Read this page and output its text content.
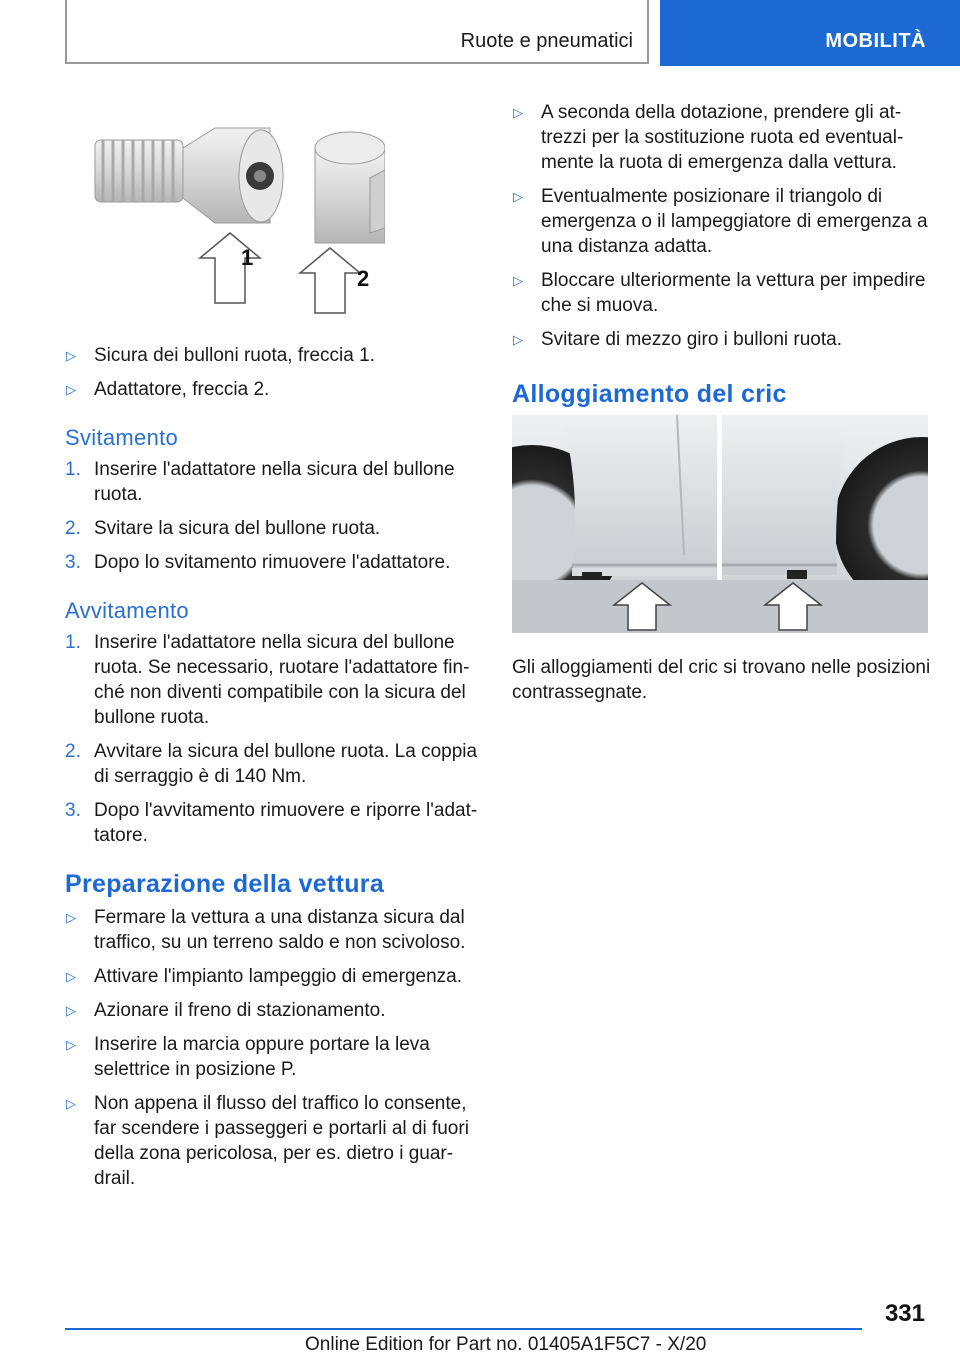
Ruote e pneumatici	MOBILITÀ
1
2
▷ Sicura dei bulloni ruota, freccia 1.
▷ Adattatore, freccia 2.
Svitamento
1. Inserire l'adattatore nella sicura del bullone ruota.
2. Svitare la sicura del bullone ruota.
3. Dopo lo svitamento rimuovere l'adattatore.
Avvitamento
1. Inserire l'adattatore nella sicura del bullone ruota. Se necessario, ruotare l'adattatore finché non diventi compatibile con la sicura del bullone ruota.
2. Avvitare la sicura del bullone ruota. La coppia di serraggio è di 140 Nm.
3. Dopo l'avvitamento rimuovere e riporre l'adattatore.
Preparazione della vettura
▷ Fermare la vettura a una distanza sicura dal traffico, su un terreno saldo e non scivoloso.
▷ Attivare l'impianto lampeggio di emergenza.
▷ Azionare il freno di stazionamento.
▷ Inserire la marcia oppure portare la leva selettrice in posizione P.
▷ Non appena il flusso del traffico lo consente, far scendere i passeggeri e portarli al di fuori della zona pericolosa, per es. dietro i guardrail.
▷ A seconda della dotazione, prendere gli attrezzi per la sostituzione ruota ed eventualmente la ruota di emergenza dalla vettura.
▷ Eventualmente posizionare il triangolo di emergenza o il lampeggiatore di emergenza a una distanza adatta.
▷ Bloccare ulteriormente la vettura per impedire che si muova.
▷ Svitare di mezzo giro i bulloni ruota.
Alloggiamento del cric

Gli alloggiamenti del cric si trovano nelle posizioni contrassegnate.

331
Online Edition for Part no. 01405A1F5C7 - X/20
